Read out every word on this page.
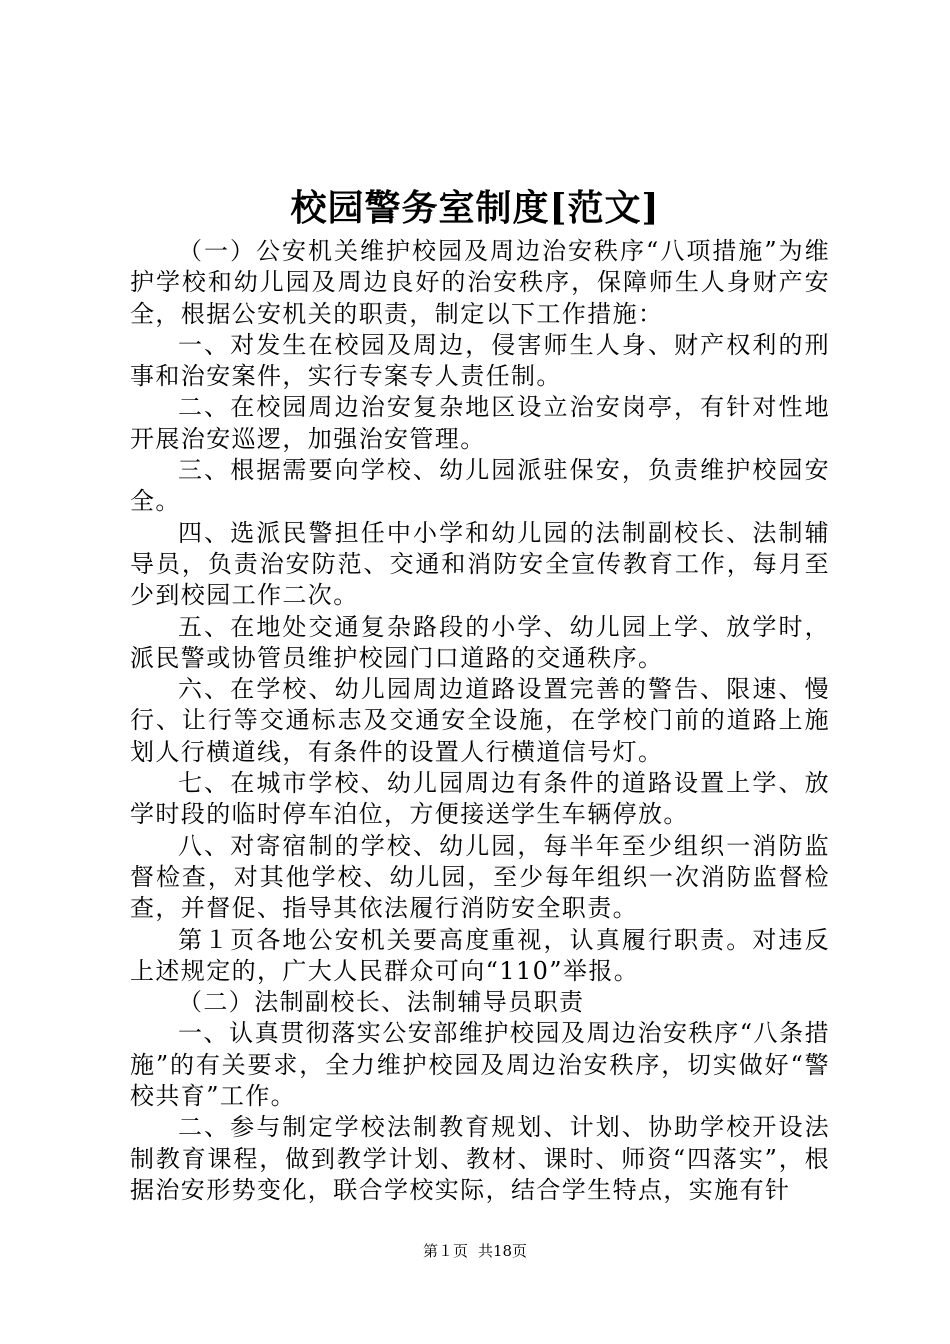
校园警务室制度[范文]

（一）公安机关维护校园及周边治安秩序“八项措施”为维护学校和幼儿园及周边良好的治安秩序，保障师生人身财产安全，根据公安机关的职责，制定以下工作措施：

一、对发生在校园及周边，侵害师生人身、财产权利的刑事和治安案件，实行专案专人责任制。

二、在校园周边治安复杂地区设立治安岗亭，有针对性地开展治安巡逻，加强治安管理。

三、根据需要向学校、幼儿园派驻保安，负责维护校园安全。

四、选派民警担任中小学和幼儿园的法制副校长、法制辅导员，负责治安防范、交通和消防安全宣传教育工作，每月至少到校园工作二次。

五、在地处交通复杂路段的小学、幼儿园上学、放学时，派民警或协管员维护校园门口道路的交通秩序。

六、在学校、幼儿园周边道路设置完善的警告、限速、慢行、让行等交通标志及交通安全设施，在学校门前的道路上施划人行横道线，有条件的设置人行横道信号灯。

七、在城市学校、幼儿园周边有条件的道路设置上学、放学时段的临时停车泊位，方便接送学生车辆停放。

八、对寄宿制的学校、幼儿园，每半年至少组织一消防监督检查，对其他学校、幼儿园，至少每年组织一次消防监督检查，并督促、指导其依法履行消防安全职责。

第１页各地公安机关要高度重视，认真履行职责。对违反上述规定的，广大人民群众可向“110”举报。

（二）法制副校长、法制辅导员职责

一、认真贯彻落实公安部维护校园及周边治安秩序“八条措施”的有关要求，全力维护校园及周边治安秩序，切实做好“警校共育”工作。

二、参与制定学校法制教育规划、计划、协助学校开设法制教育课程，做到教学计划、教材、课时、师资“四落实”，根据治安形势变化，联合学校实际，结合学生特点，实施有针

第１页 共18页
